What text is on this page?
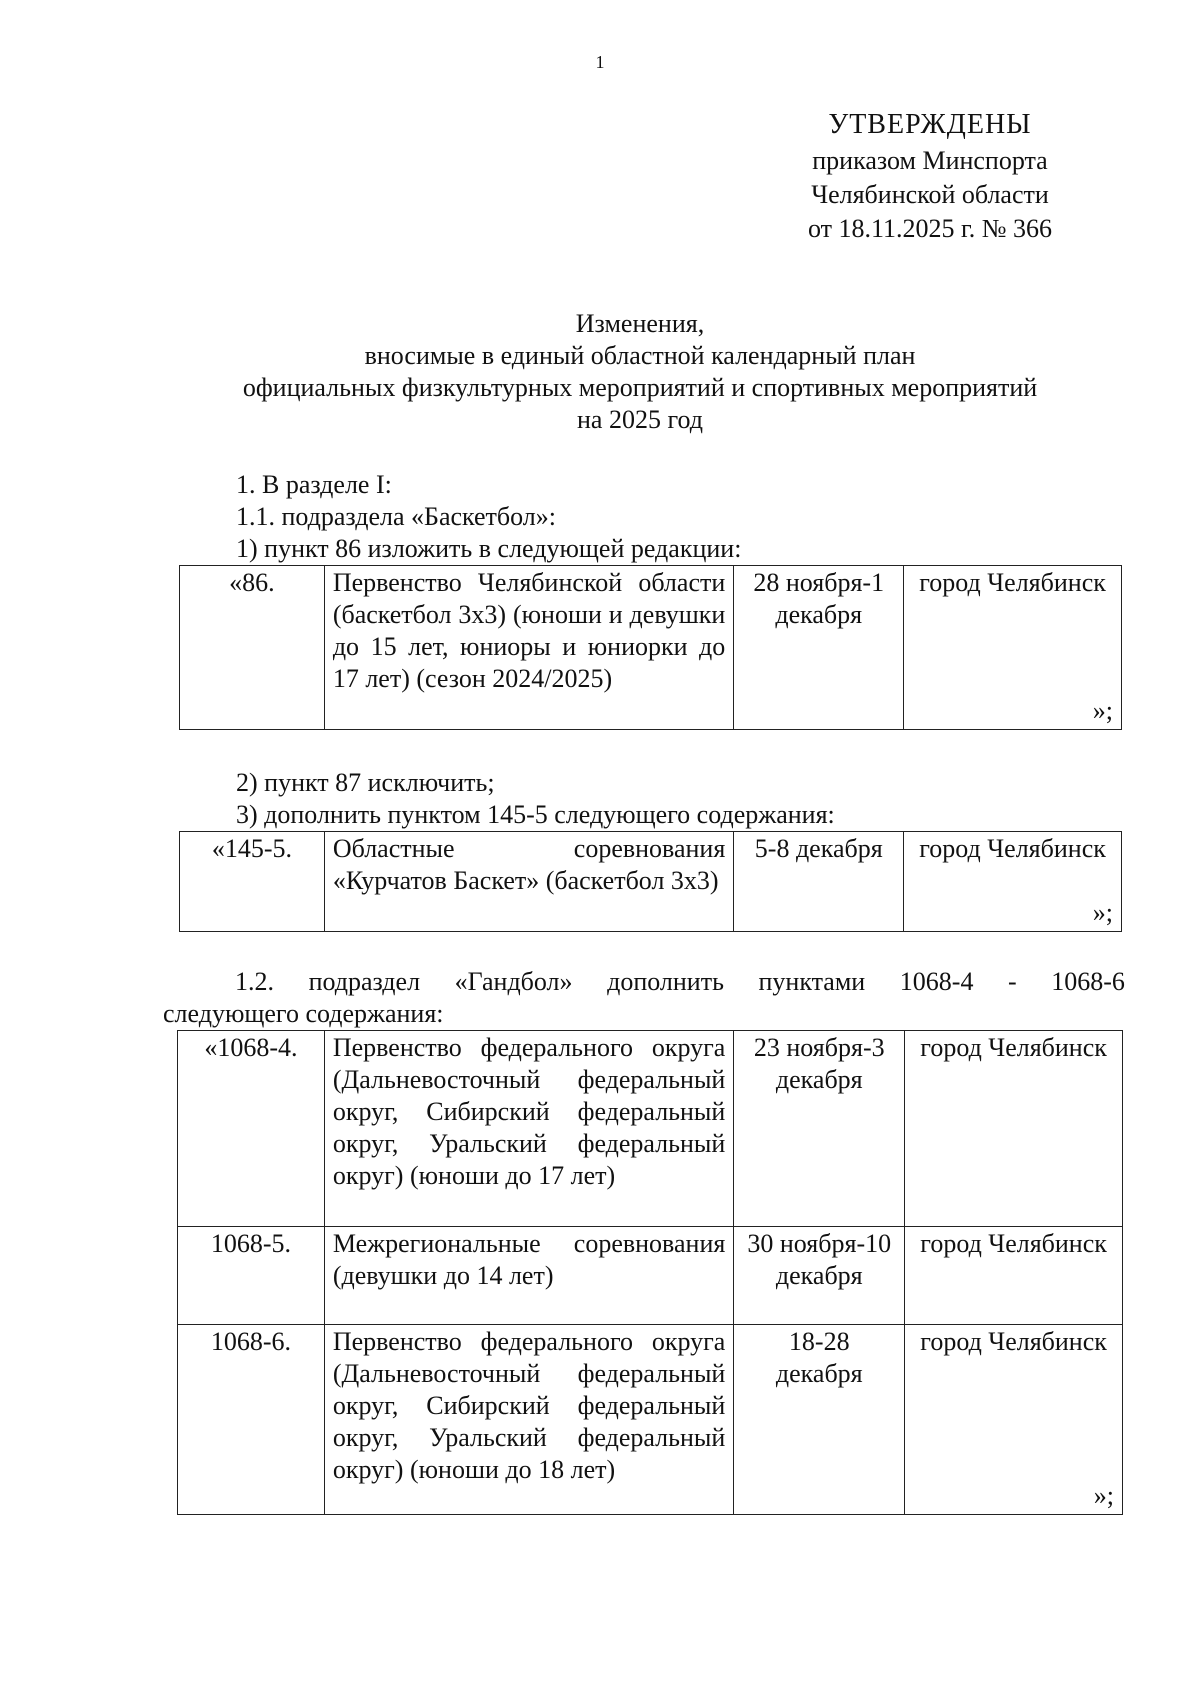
1
УТВЕРЖДЕНЫ
приказом Минспорта
Челябинской области
от 18.11.2025 г. № 366
Изменения,
вносимые в единый областной календарный план
официальных физкультурных мероприятий и спортивных мероприятий
на 2025 год
1. В разделе I:
1.1. подраздела «Баскетбол»:
1) пункт 86 изложить в следующей редакции:
«86.	Первенство Челябинской области (баскетбол 3х3) (юноши и девушки до 15 лет, юниоры и юниорки до 17 лет) (сезон 2024/2025)	28 ноября-1 декабря	город Челябинск
»;
2) пункт 87 исключить;
3) дополнить пунктом 145-5 следующего содержания:
«145-5.	Областные соревнования «Курчатов Баскет» (баскетбол 3х3)	5-8 декабря	город Челябинск
»;
1.2. подраздел «Гандбол» дополнить пунктами 1068-4 - 1068-6
следующего содержания:
«1068-4.	Первенство федерального округа (Дальневосточный федеральный округ, Сибирский федеральный округ, Уральский федеральный округ) (юноши до 17 лет)	23 ноября-3 декабря	город Челябинск
1068-5.	Межрегиональные соревнования (девушки до 14 лет)	30 ноября-10 декабря	город Челябинск
1068-6.	Первенство федерального округа (Дальневосточный федеральный округ, Сибирский федеральный округ, Уральский федеральный округ) (юноши до 18 лет)	18-28 декабря	город Челябинск
»;
